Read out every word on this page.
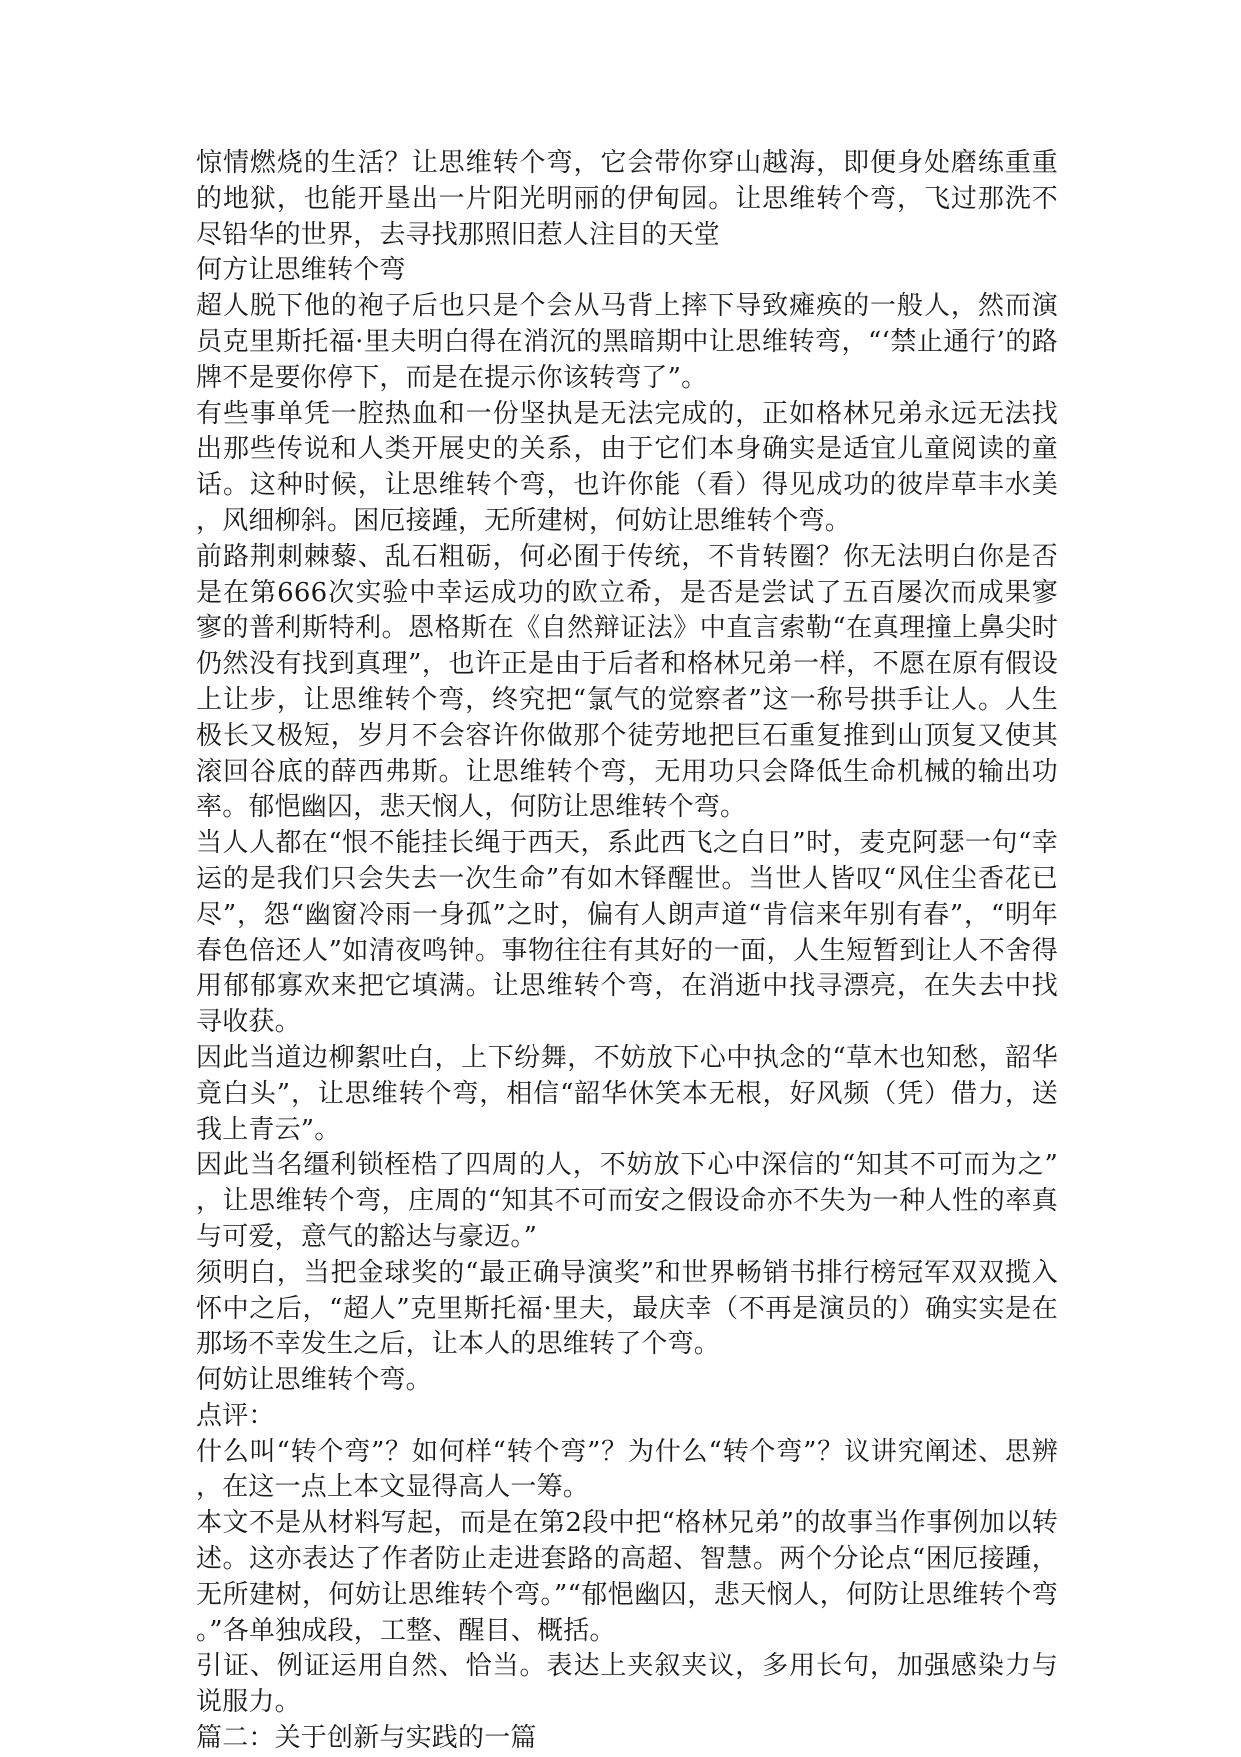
惊情燃烧的生活？让思维转个弯，它会带你穿山越海，即便身处磨练重重的地狱，也能开垦出一片阳光明丽的伊甸园。让思维转个弯，飞过那洗不尽铅华的世界，去寻找那照旧惹人注目的天堂

何方让思维转个弯

超人脱下他的袍子后也只是个会从马背上摔下导致瘫痪的一般人，然而演员克里斯托福·里夫明白得在消沉的黑暗期中让思维转弯，“‘禁止通行’的路牌不是要你停下，而是在提示你该转弯了”。

有些事单凭一腔热血和一份坚执是无法完成的，正如格林兄弟永远无法找出那些传说和人类开展史的关系，由于它们本身确实是适宜儿童阅读的童话。这种时候，让思维转个弯，也许你能（看）得见成功的彼岸草丰水美，风细柳斜。困厄接踵，无所建树，何妨让思维转个弯。

前路荆刺棘藜、乱石粗砺，何必囿于传统，不肯转圈？你无法明白你是否是在第666次实验中幸运成功的欧立希，是否是尝试了五百屡次而成果寥寥的普利斯特利。恩格斯在《自然辩证法》中直言索勒“在真理撞上鼻尖时仍然没有找到真理”，也许正是由于后者和格林兄弟一样，不愿在原有假设上让步，让思维转个弯，终究把“氯气的觉察者”这一称号拱手让人。人生极长又极短，岁月不会容许你做那个徒劳地把巨石重复推到山顶复又使其滚回谷底的薛西弗斯。让思维转个弯，无用功只会降低生命机械的输出功率。郁悒幽囚，悲天悯人，何防让思维转个弯。

当人人都在“恨不能挂长绳于西天，系此西飞之白日”时，麦克阿瑟一句“幸运的是我们只会失去一次生命”有如木铎醒世。当世人皆叹“风住尘香花已尽”，怨“幽窗冷雨一身孤”之时，偏有人朗声道“肯信来年别有春”，“明年春色倍还人”如清夜鸣钟。事物往往有其好的一面，人生短暂到让人不舍得用郁郁寡欢来把它填满。让思维转个弯，在消逝中找寻漂亮，在失去中找寻收获。

因此当道边柳絮吐白，上下纷舞，不妨放下心中执念的“草木也知愁，韶华竟白头”，让思维转个弯，相信“韶华休笑本无根，好风频（凭）借力，送我上青云”。

因此当名缰利锁桎梏了四周的人，不妨放下心中深信的“知其不可而为之”，让思维转个弯，庄周的“知其不可而安之假设命亦不失为一种人性的率真与可爱，意气的豁达与豪迈。”

须明白，当把金球奖的“最正确导演奖”和世界畅销书排行榜冠军双双揽入怀中之后，“超人”克里斯托福·里夫，最庆幸（不再是演员的）确实实是在那场不幸发生之后，让本人的思维转了个弯。

何妨让思维转个弯。

点评：

什么叫“转个弯”？如何样“转个弯”？为什么“转个弯”？议讲究阐述、思辨，在这一点上本文显得高人一筹。

本文不是从材料写起，而是在第2段中把“格林兄弟”的故事当作事例加以转述。这亦表达了作者防止走进套路的高超、智慧。两个分论点“困厄接踵，无所建树，何妨让思维转个弯。”“郁悒幽囚，悲天悯人，何防让思维转个弯。”各单独成段，工整、醒目、概括。

引证、例证运用自然、恰当。表达上夹叙夹议，多用长句，加强感染力与说服力。

篇二：关于创新与实践的一篇
